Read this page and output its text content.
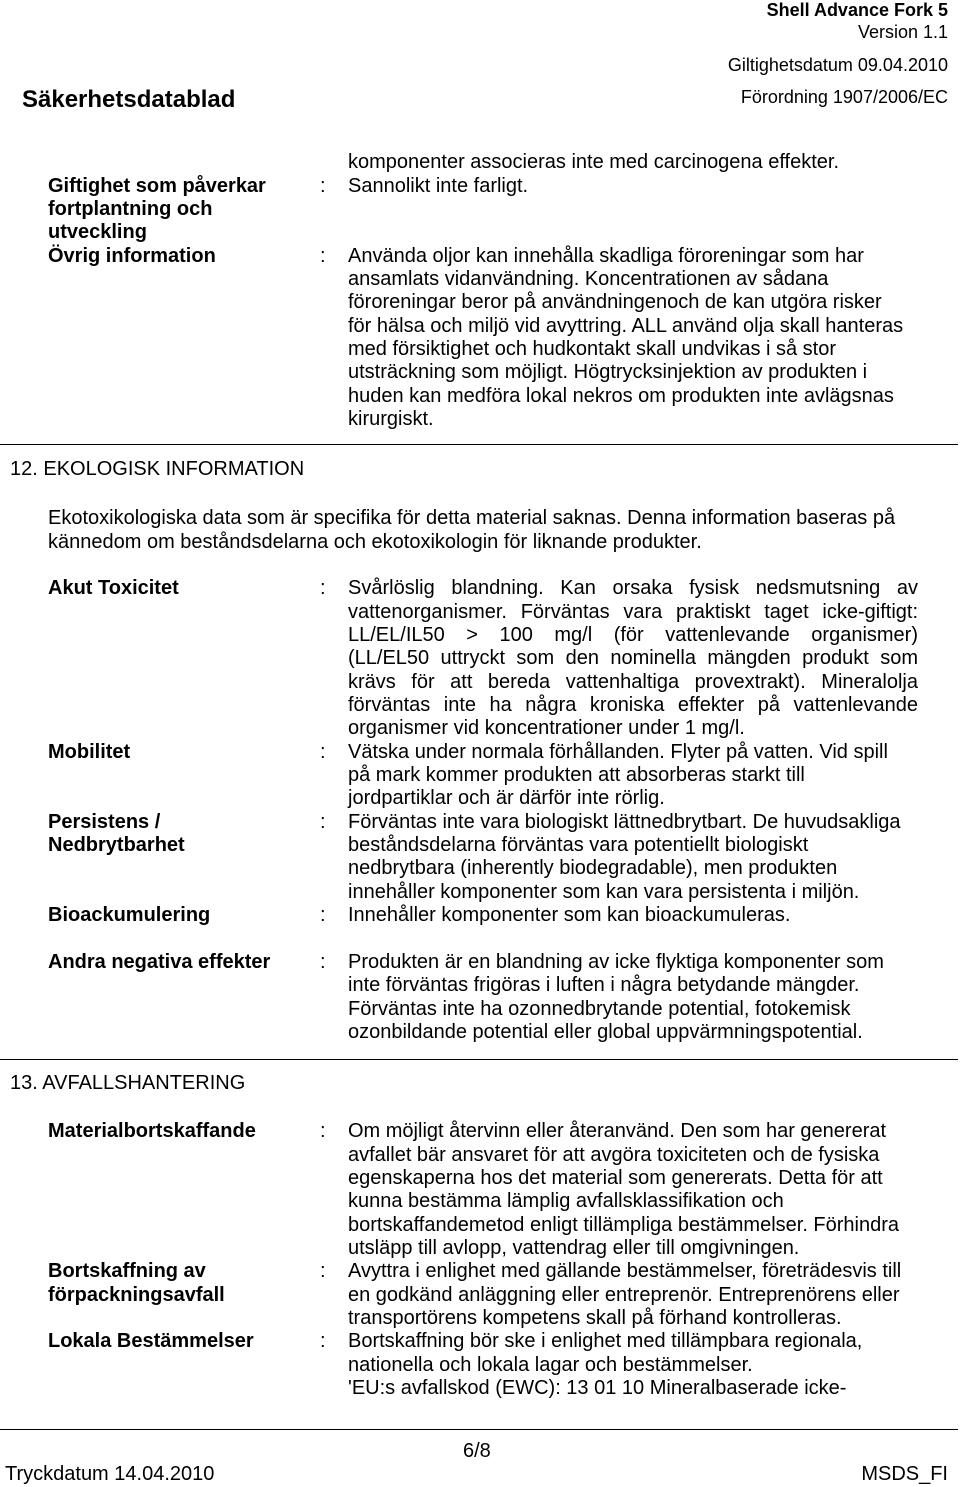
Shell Advance Fork 5
Version 1.1
Giltighetsdatum 09.04.2010
Säkerhetsdatablad	Förordning 1907/2006/EC
komponenter associeras inte med carcinogena effekter.
Giftighet som påverkar
fortplantning och
utveckling
:	Sannolikt inte farligt.
Övrig information	:	Använda oljor kan innehålla skadliga föroreningar som har
ansamlats vidanvändning. Koncentrationen av sådana
föroreningar beror på användningenoch de kan utgöra risker
för hälsa och miljö vid avyttring. ALL använd olja skall hanteras
med försiktighet och hudkontakt skall undvikas i så stor
utsträckning som möjligt. Högtrycksinjektion av produkten i
huden kan medföra lokal nekros om produkten inte avlägsnas
kirurgiskt.
12. EKOLOGISK INFORMATION
Ekotoxikologiska data som är specifika för detta material saknas. Denna information baseras på
kännedom om beståndsdelarna och ekotoxikologin för liknande produkter.
Akut Toxicitet	:	Svårlöslig blandning. Kan orsaka fysisk nedsmutsning av
vattenorganismer. Förväntas vara praktiskt taget icke-giftigt:
LL/EL/IL50 > 100 mg/l (för vattenlevande organismer)
(LL/EL50 uttryckt som den nominella mängden produkt som
krävs för att bereda vattenhaltiga provextrakt). Mineralolja
förväntas inte ha några kroniska effekter på vattenlevande
organismer vid koncentrationer under 1 mg/l.
Mobilitet	:	Vätska under normala förhållanden. Flyter på vatten. Vid spill
på mark kommer produkten att absorberas starkt till
jordpartiklar och är därför inte rörlig.
Persistens /
Nedbrytbarhet
:	Förväntas inte vara biologiskt lättnedbrytbart. De huvudsakliga
beståndsdelarna förväntas vara potentiellt biologiskt
nedbrytbara (inherently biodegradable), men produkten
innehåller komponenter som kan vara persistenta i miljön.
Bioackumulering	:	Innehåller komponenter som kan bioackumuleras.
Andra negativa effekter	:	Produkten är en blandning av icke flyktiga komponenter som
inte förväntas frigöras i luften i några betydande mängder.
Förväntas inte ha ozonnedbrytande potential, fotokemisk
ozonbildande potential eller global uppvärmningspotential.
13. AVFALLSHANTERING
Materialbortskaffande	:	Om möjligt återvinn eller återanvänd. Den som har genererat
avfallet bär ansvaret för att avgöra toxiciteten och de fysiska
egenskaperna hos det material som genererats. Detta för att
kunna bestämma lämplig avfallsklassifikation och
bortskaffandemetod enligt tillämpliga bestämmelser. Förhindra
utsläpp till avlopp, vattendrag eller till omgivningen.
Bortskaffning av
förpackningsavfall
:	Avyttra i enlighet med gällande bestämmelser, företrädesvis till
en godkänd anläggning eller entreprenör. Entreprenörens eller
transportörens kompetens skall på förhand kontrolleras.
Lokala Bestämmelser	:	Bortskaffning bör ske i enlighet med tillämpbara regionala,
nationella och lokala lagar och bestämmelser.
'EU:s avfallskod (EWC): 13 01 10 Mineralbaserade icke-
6/8
Tryckdatum 14.04.2010	MSDS_FI
